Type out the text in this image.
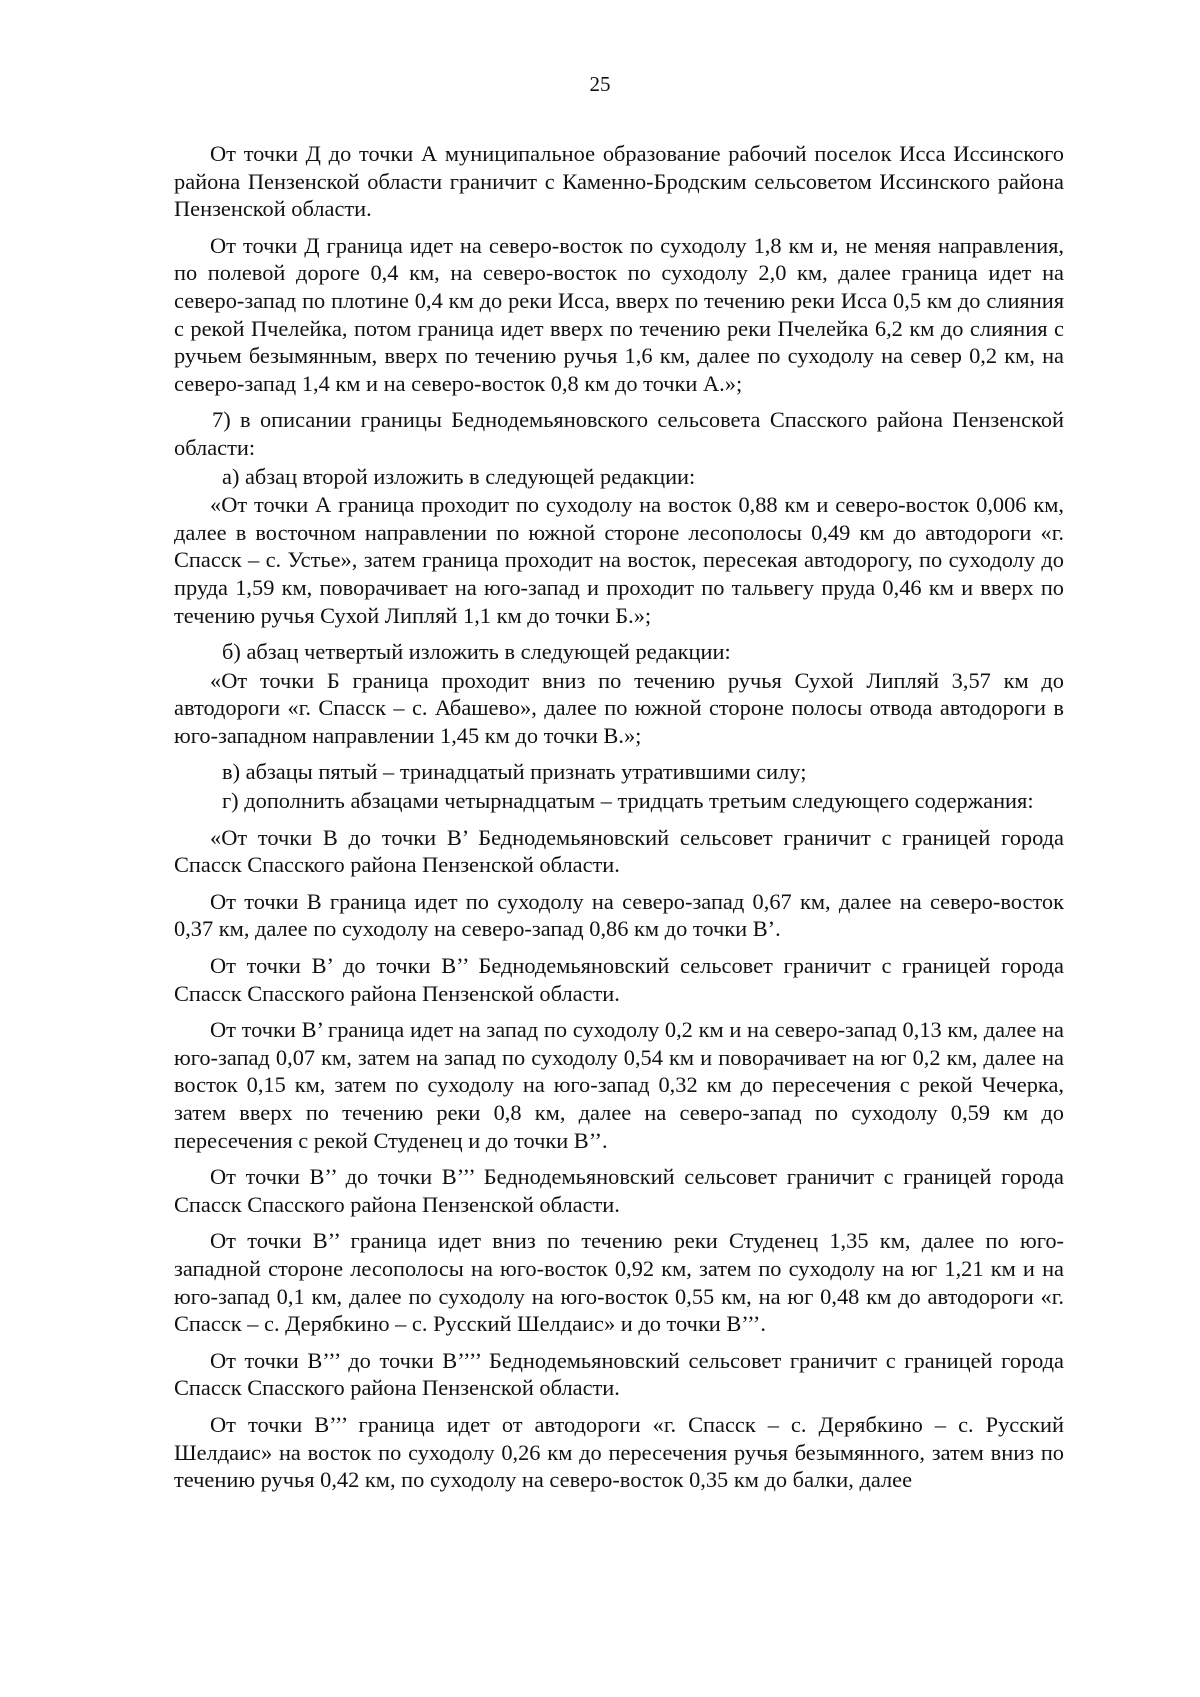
25

От точки Д до точки А муниципальное образование рабочий поселок Исса Иссинского района Пензенской области граничит с Каменно-Бродским сельсоветом Иссинского района Пензенской области.

От точки Д граница идет на северо-восток по суходолу 1,8 км и, не меняя направления, по полевой дороге 0,4 км, на северо-восток по суходолу 2,0 км, далее граница идет на северо-запад по плотине 0,4 км до реки Исса, вверх по течению реки Исса 0,5 км до слияния с рекой Пчелейка, потом граница идет вверх по течению реки Пчелейка 6,2 км до слияния с ручьем безымянным, вверх по течению ручья 1,6 км, далее по суходолу на север 0,2 км, на северо-запад 1,4 км и на северо-восток 0,8 км до точки А.»;

7) в описании границы Беднодемьяновского сельсовета Спасского района Пензенской области:

а) абзац второй изложить в следующей редакции:

«От точки А граница проходит по суходолу на восток 0,88 км и северо-восток 0,006 км, далее в восточном направлении по южной стороне лесополосы 0,49 км до автодороги «г. Спасск – с. Устье», затем граница проходит на восток, пересекая автодорогу, по суходолу до пруда 1,59 км, поворачивает на юго-запад и проходит по тальвегу пруда 0,46 км и вверх по течению ручья Сухой Липляй 1,1 км до точки Б.»;

б) абзац четвертый изложить в следующей редакции:

«От точки Б граница проходит вниз по течению ручья Сухой Липляй 3,57 км до автодороги «г. Спасск – с. Абашево», далее по южной стороне полосы отвода автодороги в юго-западном направлении 1,45 км до точки В.»;

в) абзацы пятый – тринадцатый признать утратившими силу;

г) дополнить абзацами четырнадцатым – тридцать третьим следующего содержания:

«От точки В до точки В’ Беднодемьяновский сельсовет граничит с границей города Спасск Спасского района Пензенской области.

От точки В граница идет по суходолу на северо-запад 0,67 км, далее на северо-восток 0,37 км, далее по суходолу на северо-запад 0,86 км до точки В’.

От точки В’ до точки В’’ Беднодемьяновский сельсовет граничит с границей города Спасск Спасского района Пензенской области.

От точки В’ граница идет на запад по суходолу 0,2 км и на северо-запад 0,13 км, далее на юго-запад 0,07 км, затем на запад по суходолу 0,54 км и поворачивает на юг 0,2 км, далее на восток 0,15 км, затем по суходолу на юго-запад 0,32 км до пересечения с рекой Чечерка, затем вверх по течению реки 0,8 км, далее на северо-запад по суходолу 0,59 км до пересечения с рекой Студенец и до точки В’’.

От точки В’’ до точки В’’’ Беднодемьяновский сельсовет граничит с границей города Спасск Спасского района Пензенской области.

От точки В’’ граница идет вниз по течению реки Студенец 1,35 км, далее по юго-западной стороне лесополосы на юго-восток 0,92 км, затем по суходолу на юг 1,21 км и на юго-запад 0,1 км, далее по суходолу на юго-восток 0,55 км, на юг 0,48 км до автодороги «г. Спасск – с. Дерябкино – с. Русский Шелдаис» и до точки В’’’.

От точки В’’’ до точки В’’’’ Беднодемьяновский сельсовет граничит с границей города Спасск Спасского района Пензенской области.

От точки В’’’ граница идет от автодороги «г. Спасск – с. Дерябкино – с. Русский Шелдаис» на восток по суходолу 0,26 км до пересечения ручья безымянного, затем вниз по течению ручья 0,42 км, по суходолу на северо-восток 0,35 км до балки, далее
